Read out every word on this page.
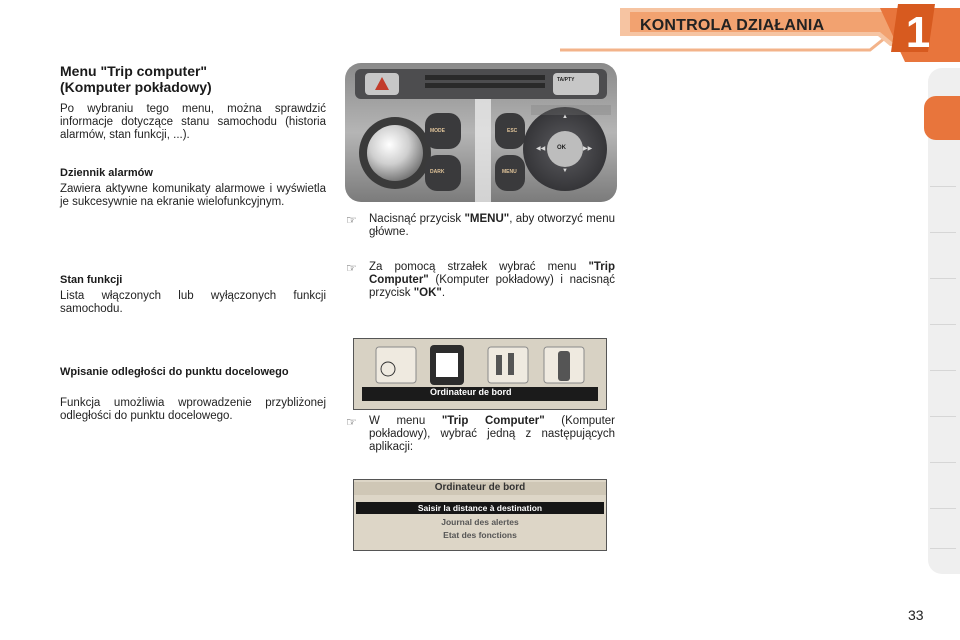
KONTROLA DZIAŁANIA 1
Menu "Trip computer"
(Komputer pokładowy)
Po wybraniu tego menu, można sprawdzić informacje dotyczące stanu samochodu (historia alarmów, stan funkcji, ...).
Dziennik alarmów
Zawiera aktywne komunikaty alarmowe i wyświetla je sukcesywnie na ekranie wielofunkcyjnym.
Stan funkcji
Lista włączonych lub wyłączonych funkcji samochodu.
Wpisanie odległości do punktu docelowego
Funkcja umożliwia wprowadzenie przybliżonej odległości do punktu docelowego.
MODE
DARK
ESC
MENU
TA/PTY
OK
▲
▼
◀◀	▶▶
☞ Nacisnąć przycisk "MENU", aby otworzyć menu główne.
☞ Za pomocą strzałek wybrać menu "Trip Computer" (Komputer pokładowy) i nacisnąć przycisk "OK".
Ordinateur de bord
☞ W menu "Trip Computer" (Komputer pokładowy), wybrać jedną z następujących aplikacji:
Ordinateur de bord
Saisir la distance à destination
Journal des alertes
Etat des fonctions
33
